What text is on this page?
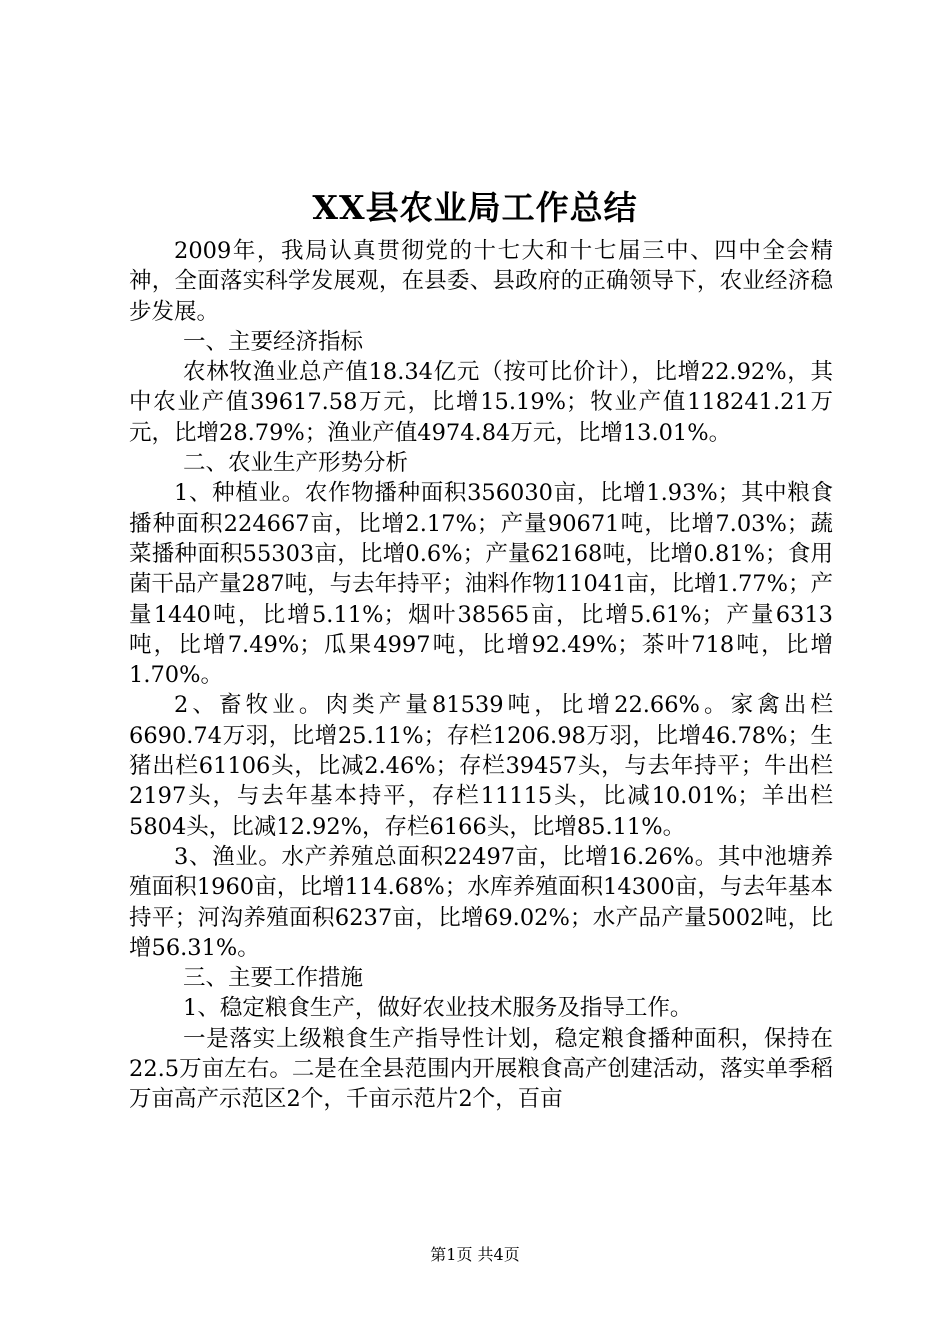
XX县农业局工作总结

2009年，我局认真贯彻党的十七大和十七届三中、四中全会精神，全面落实科学发展观，在县委、县政府的正确领导下，农业经济稳步发展。

一、主要经济指标

农林牧渔业总产值18.34亿元（按可比价计），比增22.92%，其中农业产值39617.58万元，比增15.19%；牧业产值118241.21万元，比增28.79%；渔业产值4974.84万元，比增13.01%。

二、农业生产形势分析

1、种植业。农作物播种面积356030亩，比增1.93%；其中粮食播种面积224667亩，比增2.17%；产量90671吨，比增7.03%；蔬菜播种面积55303亩，比增0.6%；产量62168吨，比增0.81%；食用菌干品产量287吨，与去年持平；油料作物11041亩，比增1.77%；产量1440吨，比增5.11%；烟叶38565亩，比增5.61%；产量6313吨，比增7.49%；瓜果4997吨，比增92.49%；茶叶718吨，比增1.70%。

2、畜牧业。肉类产量81539吨，比增22.66%。家禽出栏6690.74万羽，比增25.11%；存栏1206.98万羽，比增46.78%；生猪出栏61106头，比减2.46%；存栏39457头，与去年持平；牛出栏2197头，与去年基本持平，存栏11115头，比减10.01%；羊出栏5804头，比减12.92%，存栏6166头，比增85.11%。

3、渔业。水产养殖总面积22497亩，比增16.26%。其中池塘养殖面积1960亩，比增114.68%；水库养殖面积14300亩，与去年基本持平；河沟养殖面积6237亩，比增69.02%；水产品产量5002吨，比增56.31%。

三、主要工作措施

1、稳定粮食生产，做好农业技术服务及指导工作。

一是落实上级粮食生产指导性计划，稳定粮食播种面积，保持在22.5万亩左右。二是在全县范围内开展粮食高产创建活动，落实单季稻万亩高产示范区2个，千亩示范片2个，百亩

第1页 共4页
